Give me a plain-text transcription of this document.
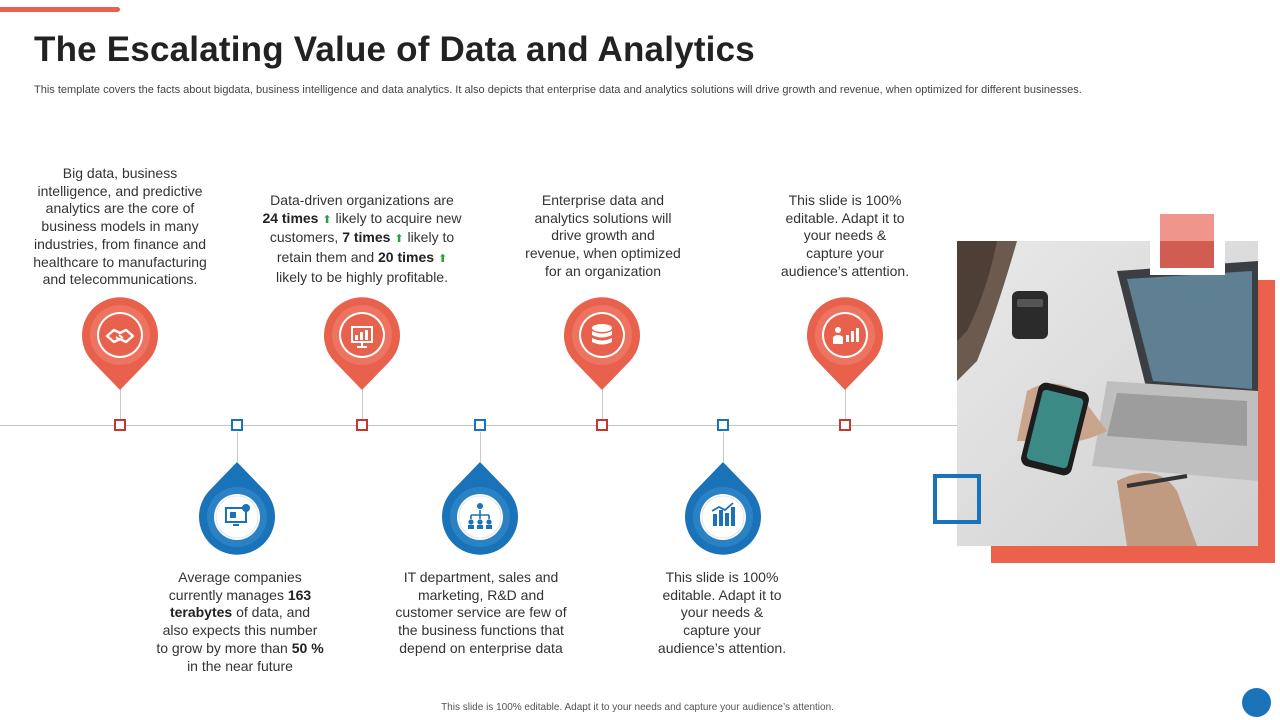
The Escalating Value of Data and Analytics
This template covers the facts about bigdata, business intelligence and data analytics. It also depicts that enterprise data and analytics solutions will drive growth and revenue, when optimized for different businesses.
Big data, business
intelligence, and predictive
analytics are the core of
business models in many
industries, from finance and
healthcare to manufacturing
and telecommunications.
Data-driven organizations are
24 times ⬆ likely to acquire new
customers, 7 times ⬆ likely to
retain them and 20 times ⬆
likely to be highly profitable.
Enterprise data and
analytics solutions will
drive growth and
revenue, when optimized
for an organization
This slide is 100%
editable. Adapt it to
your needs &
capture your
audience’s attention.
Average companies
currently manages 163
terabytes of data, and
also expects this number
to grow by more than 50 %
in the near future
IT department, sales and
marketing, R&D and
customer service are few of
the business functions that
depend on enterprise data
This slide is 100%
editable. Adapt it to
your needs &
capture your
audience’s attention.
This slide is 100% editable. Adapt it to your needs and capture your audience’s attention.
